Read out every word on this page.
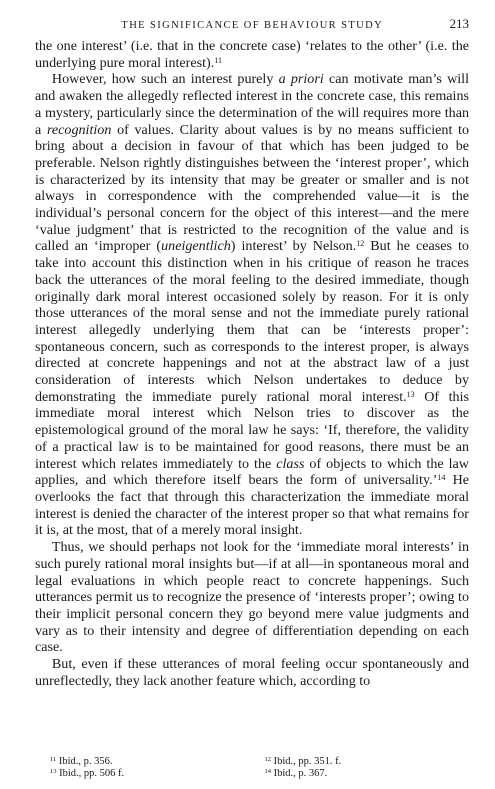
THE SIGNIFICANCE OF BEHAVIOUR STUDY	213

the one interest’ (i.e. that in the concrete case) ‘relates to the other’ (i.e. the underlying pure moral interest).$^{11}$

However, how such an interest purely a priori can motivate man’s will and awaken the allegedly reflected interest in the concrete case, this remains a mystery, particularly since the determination of the will requires more than a recognition of values. Clarity about values is by no means sufficient to bring about a decision in favour of that which has been judged to be preferable. Nelson rightly distinguishes between the ‘interest proper’, which is characterized by its intensity that may be greater or smaller and is not always in correspondence with the comprehended value—it is the individual’s personal concern for the object of this interest—and the mere ‘value judgment’ that is restricted to the recognition of the value and is called an ‘improper (uneigentlich) interest’ by Nelson.$^{12}$ But he ceases to take into account this distinction when in his critique of reason he traces back the utterances of the moral feeling to the desired immediate, though originally dark moral interest occasioned solely by reason. For it is only those utterances of the moral sense and not the immediate purely rational interest allegedly underlying them that can be ‘interests proper’: spontaneous concern, such as corresponds to the interest proper, is always directed at concrete happenings and not at the abstract law of a just consideration of interests which Nelson undertakes to deduce by demonstrating the immediate purely rational moral interest.$^{13}$ Of this immediate moral interest which Nelson tries to discover as the epistemological ground of the moral law he says: ‘If, therefore, the validity of a practical law is to be maintained for good reasons, there must be an interest which relates immediately to the class of objects to which the law applies, and which therefore itself bears the form of universality.’$^{14}$ He overlooks the fact that through this characterization the immediate moral interest is denied the character of the interest proper so that what remains for it is, at the most, that of a merely moral insight.

Thus, we should perhaps not look for the ‘immediate moral interests’ in such purely rational moral insights but—if at all—in spontaneous moral and legal evaluations in which people react to concrete happenings. Such utterances permit us to recognize the presence of ‘interests proper’; owing to their implicit personal concern they go beyond mere value judgments and vary as to their intensity and degree of differentiation depending on each case.

But, even if these utterances of moral feeling occur spontaneously and unreflectedly, they lack another feature which, according to

$^{11}$ Ibid., p. 356.	$^{12}$ Ibid., pp. 351. f.
$^{13}$ Ibid., pp. 506 f.	$^{14}$ Ibid., p. 367.
